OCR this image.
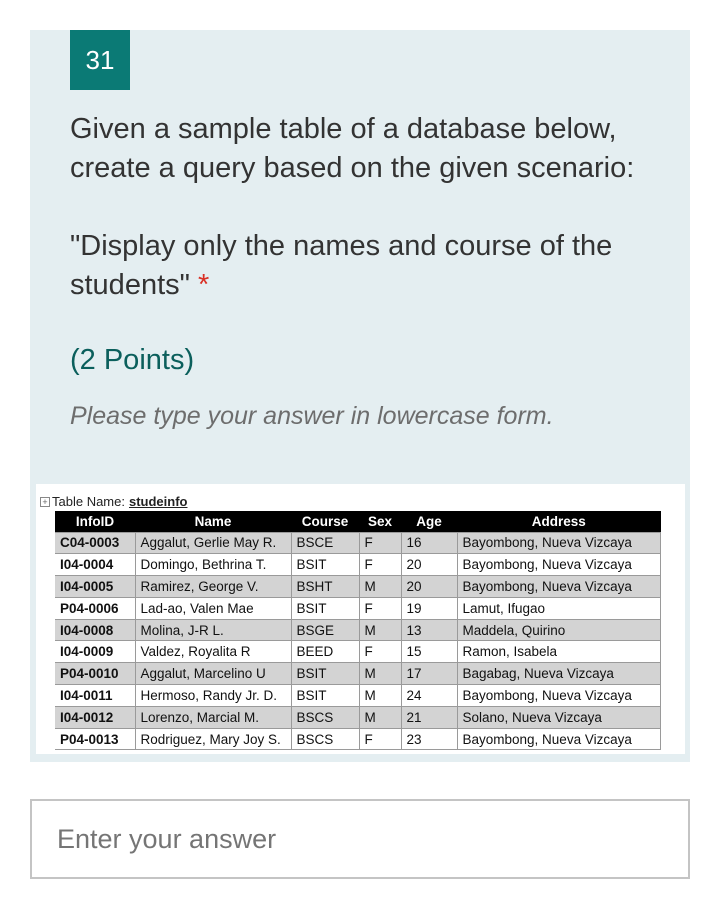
31
Given a sample table of a database below, create a query based on the given scenario:
"Display only the names and course of the students" *
(2 Points)
Please type your answer in lowercase form.
+ Table Name: studeinfo
InfoID	Name	Course	Sex	Age	Address
C04-0003	Aggalut, Gerlie May R.	BSCE	F	16	Bayombong, Nueva Vizcaya
I04-0004	Domingo, Bethrina T.	BSIT	F	20	Bayombong, Nueva Vizcaya
I04-0005	Ramirez, George V.	BSHT	M	20	Bayombong, Nueva Vizcaya
P04-0006	Lad-ao, Valen Mae	BSIT	F	19	Lamut, Ifugao
I04-0008	Molina, J-R L.	BSGE	M	13	Maddela, Quirino
I04-0009	Valdez, Royalita R	BEED	F	15	Ramon, Isabela
P04-0010	Aggalut, Marcelino U	BSIT	M	17	Bagabag, Nueva Vizcaya
I04-0011	Hermoso, Randy Jr. D.	BSIT	M	24	Bayombong, Nueva Vizcaya
I04-0012	Lorenzo, Marcial M.	BSCS	M	21	Solano, Nueva Vizcaya
P04-0013	Rodriguez, Mary Joy S.	BSCS	F	23	Bayombong, Nueva Vizcaya
Enter your answer
